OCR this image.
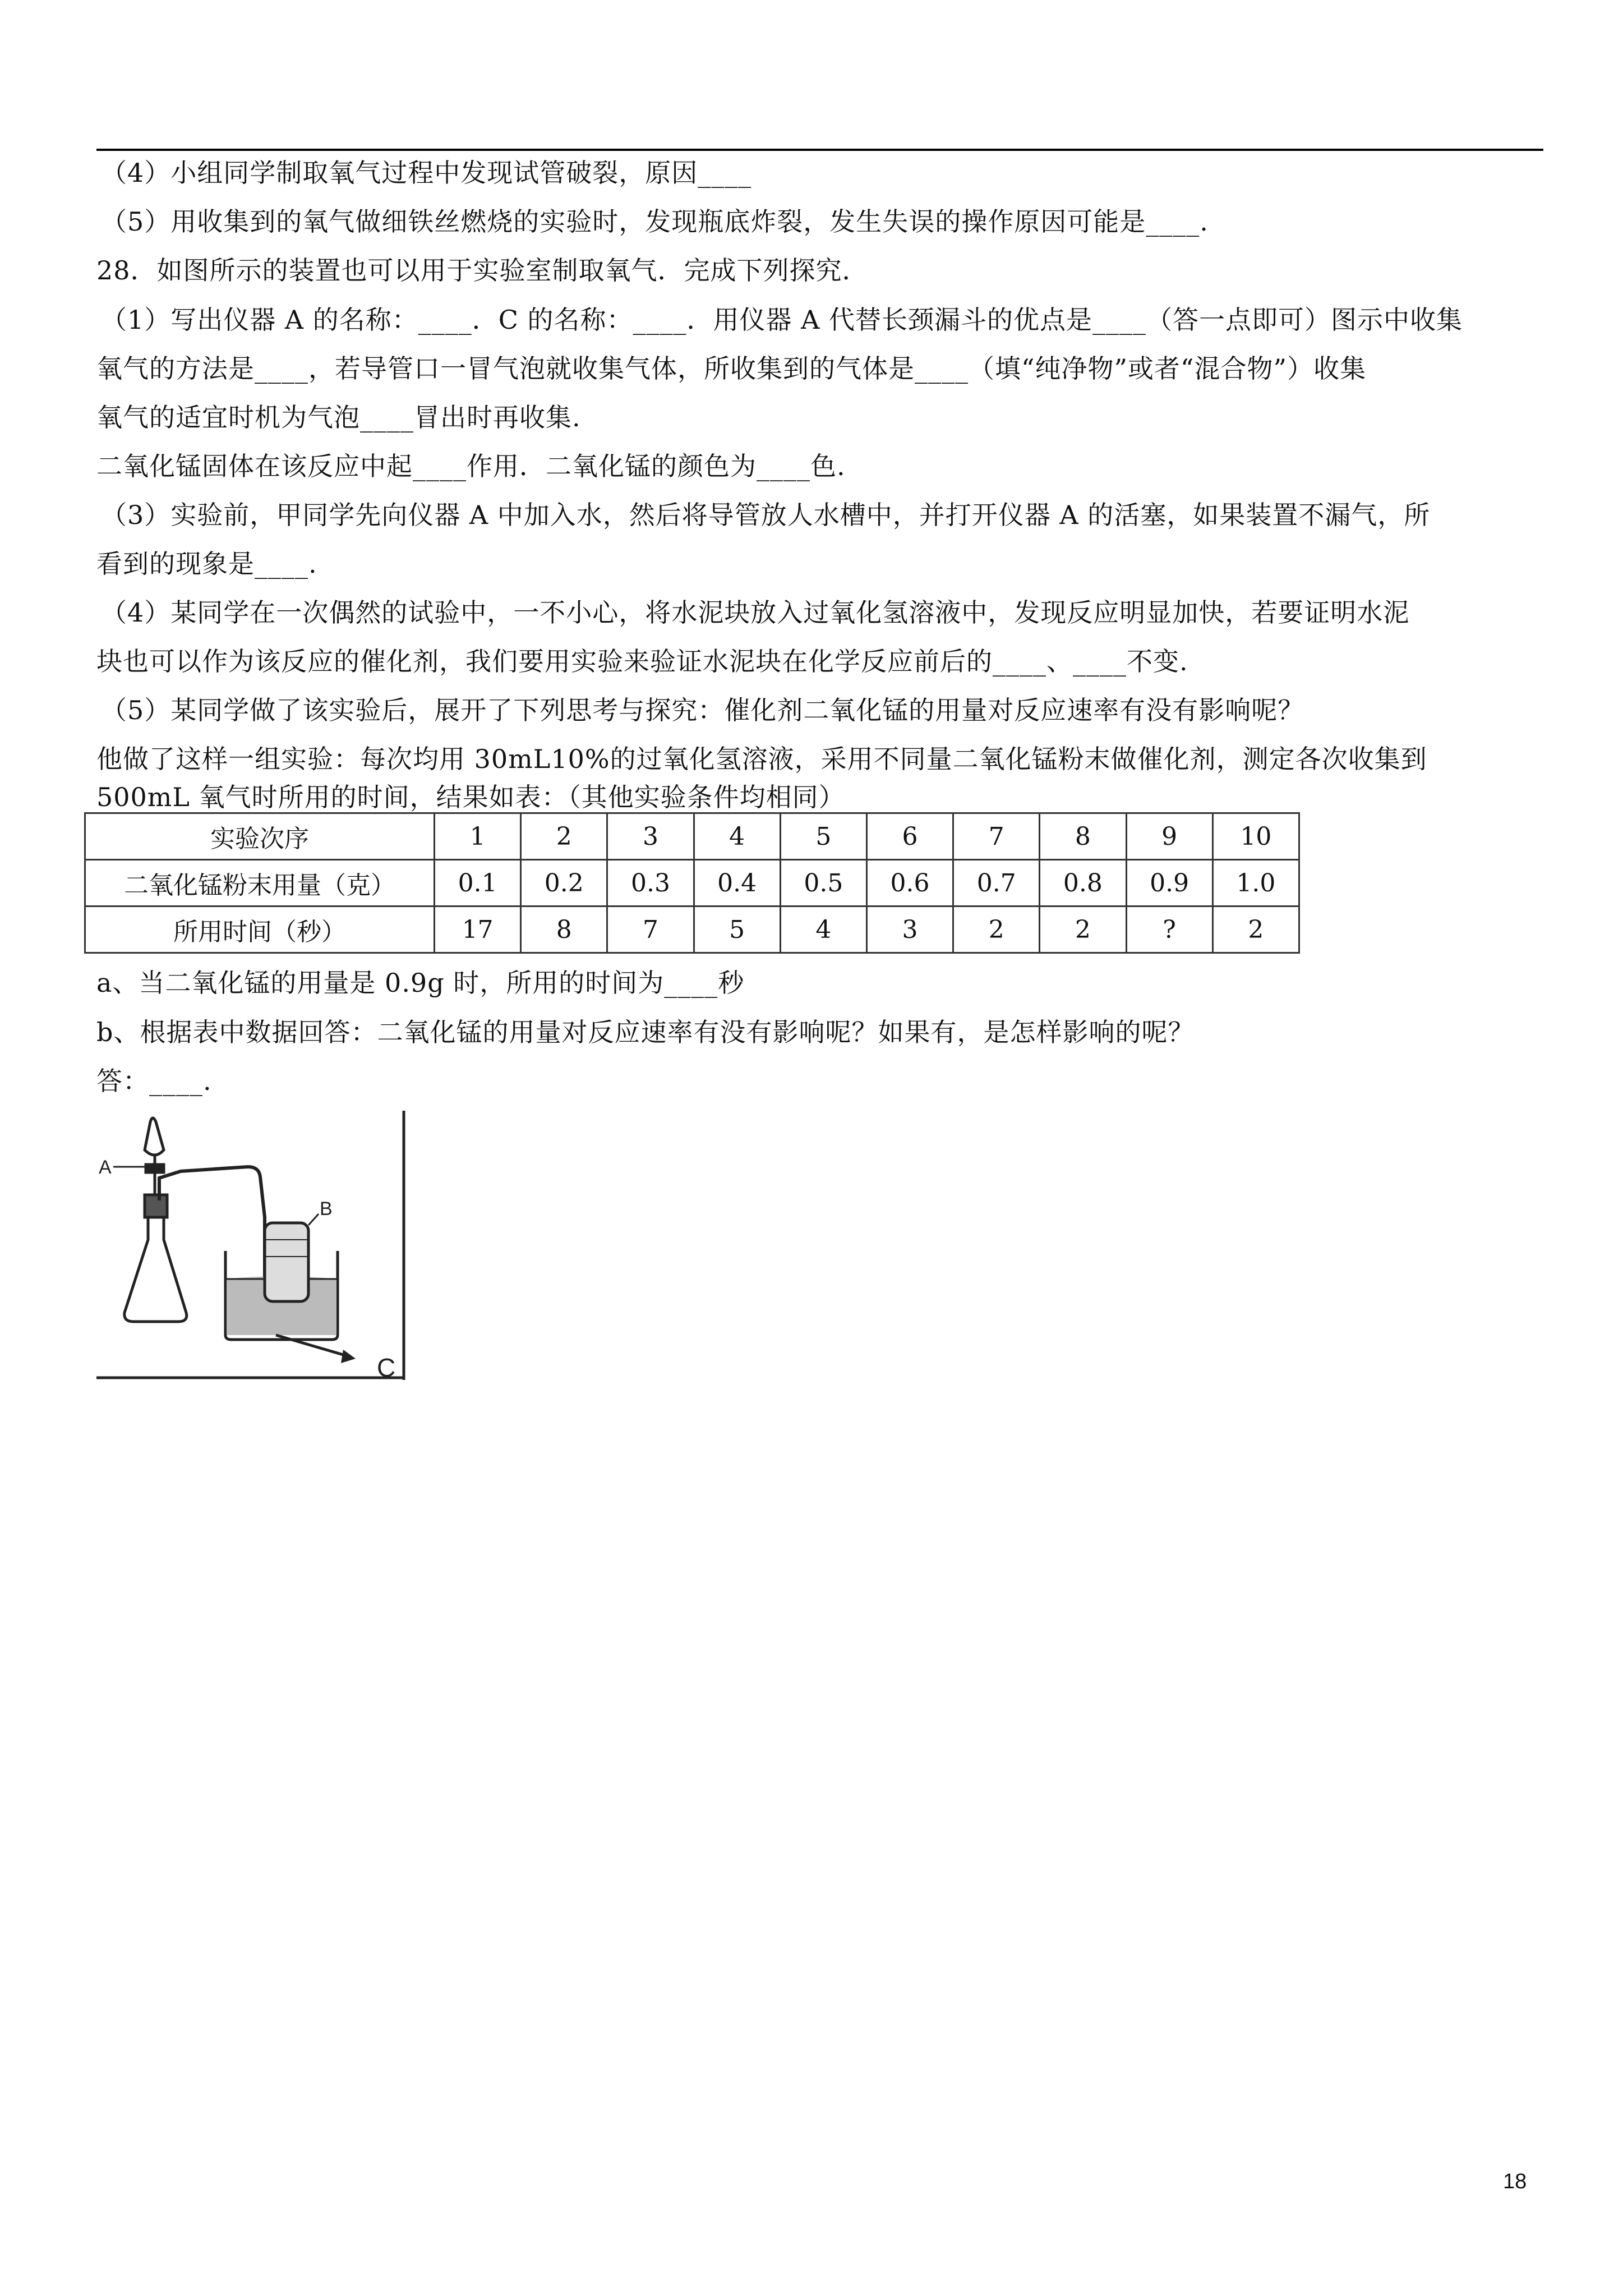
（4）小组同学制取氧气过程中发现试管破裂，原因____
（5）用收集到的氧气做细铁丝燃烧的实验时，发现瓶底炸裂，发生失误的操作原因可能是____.
28．如图所示的装置也可以用于实验室制取氧气．完成下列探究．
（1）写出仪器 A 的名称：____．C 的名称：____．用仪器 A 代替长颈漏斗的优点是____（答一点即可）图示中收集
氧气的方法是____，若导管口一冒气泡就收集气体，所收集到的气体是____（填“纯净物”或者“混合物”）收集
氧气的适宜时机为气泡____冒出时再收集.
二氧化锰固体在该反应中起____作用．二氧化锰的颜色为____色.
（3）实验前，甲同学先向仪器 A 中加入水，然后将导管放人水槽中，并打开仪器 A 的活塞，如果装置不漏气，所
看到的现象是____.
（4）某同学在一次偶然的试验中，一不小心，将水泥块放入过氧化氢溶液中，发现反应明显加快，若要证明水泥
块也可以作为该反应的催化剂，我们要用实验来验证水泥块在化学反应前后的____、____不变.
（5）某同学做了该实验后，展开了下列思考与探究：催化剂二氧化锰的用量对反应速率有没有影响呢？
他做了这样一组实验：每次均用 30mL10%的过氧化氢溶液，采用不同量二氧化锰粉末做催化剂，测定各次收集到
500mL 氧气时所用的时间，结果如表：（其他实验条件均相同）
实验次序	1	2	3	4	5	6	7	8	9	10
二氧化锰粉末用量（克）	0.1	0.2	0.3	0.4	0.5	0.6	0.7	0.8	0.9	1.0
所用时间（秒）	17	8	7	5	4	3	2	2	?	2
a、当二氧化锰的用量是 0.9g 时，所用的时间为____秒
b、根据表中数据回答：二氧化锰的用量对反应速率有没有影响呢？如果有，是怎样影响的呢？
答：____.
A
B
C
18
